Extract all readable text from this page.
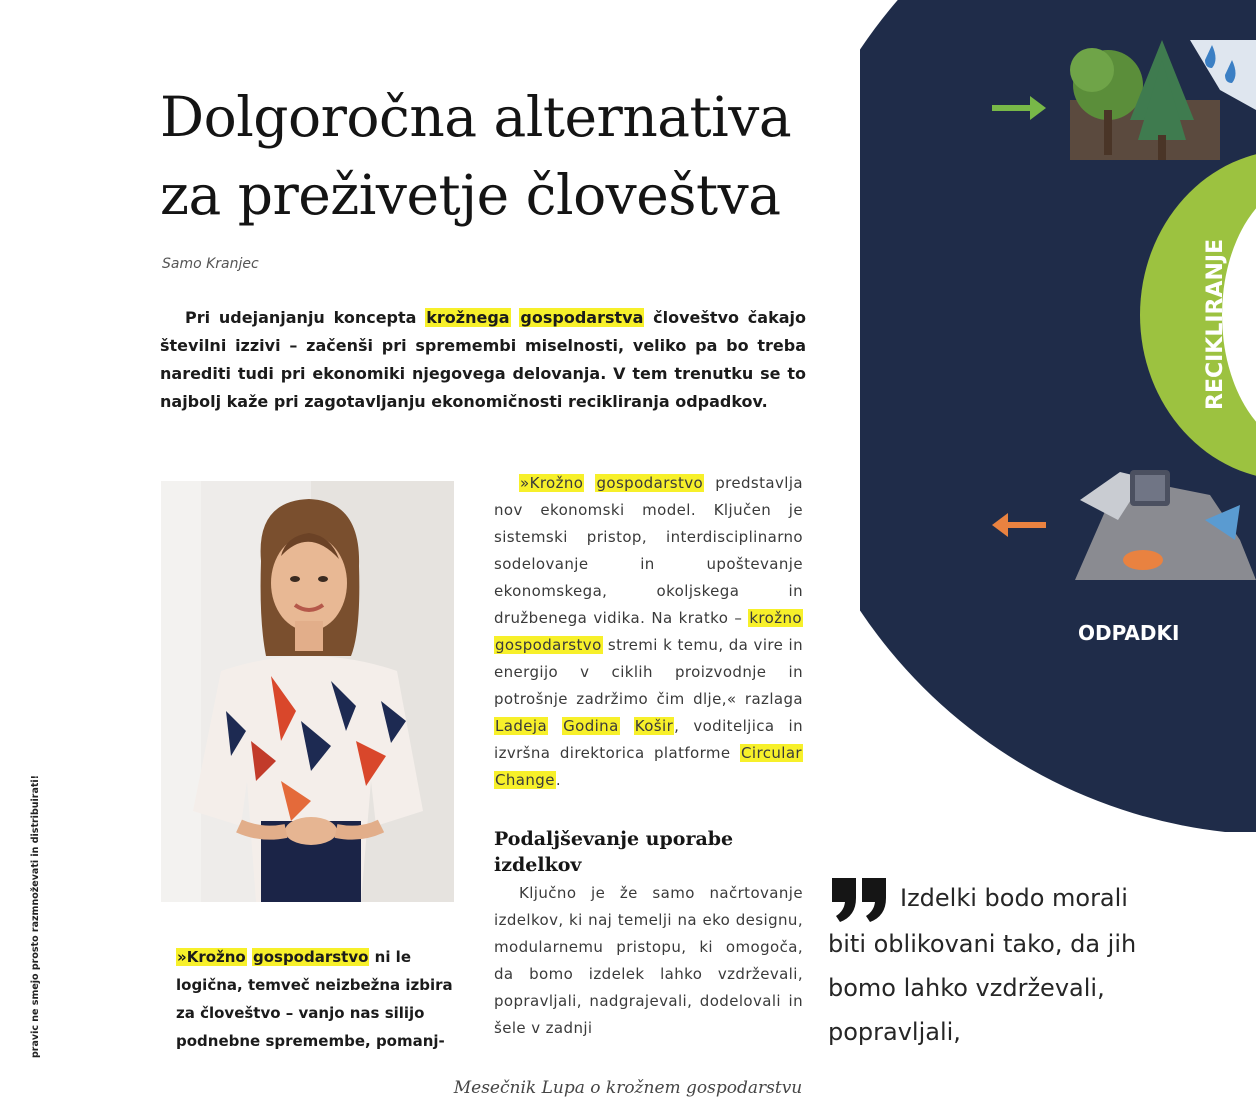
Dolgoročna alternativa
za preživetje človeštva
Samo Kranjec
Pri udejanjanju koncepta krožnega gospodarstva človeštvo čakajo številni izzivi – začenši pri spremembi miselnosti, veliko pa bo treba narediti tudi pri ekonomiki njegovega delovanja. V tem trenutku se to najbolj kaže pri zagotavljanju ekonomičnosti recikliranja odpadkov.
»Krožno gospodarstvo ni le logična, temveč neizbežna izbira za človeštvo – vanjo nas silijo podnebne spremembe, pomanj-

»Krožno gospodarstvo predstavlja nov ekonomski model. Ključen je sistemski pristop, interdisciplinarno sodelovanje in upoštevanje ekonomskega, okoljskega in družbenega vidika. Na kratko – krožno gospodarstvo stremi k temu, da vire in energijo v ciklih proizvodnje in potrošnje zadržimo čim dlje,« razlaga Ladeja Godina Košir, voditeljica in izvršna direktorica platforme Circular Change.

Podaljševanje uporabe izdelkov

Ključno je že samo načrtovanje izdelkov, ki naj temelji na eko designu, modularnemu pristopu, ki omogoča, da bomo izdelek lahko vzdrževali, popravljali, nadgrajevali, dodelovali in šele v zadnji

Izdelki bodo morali biti oblikovani tako, da jih bomo lahko vzdrževali, popravljali,
pravic ne smejo prosto razmnoževati in distribuirati!
RECIKLIRANJE
ODPADKI
Mesečnik Lupa o krožnem gospodarstvu
